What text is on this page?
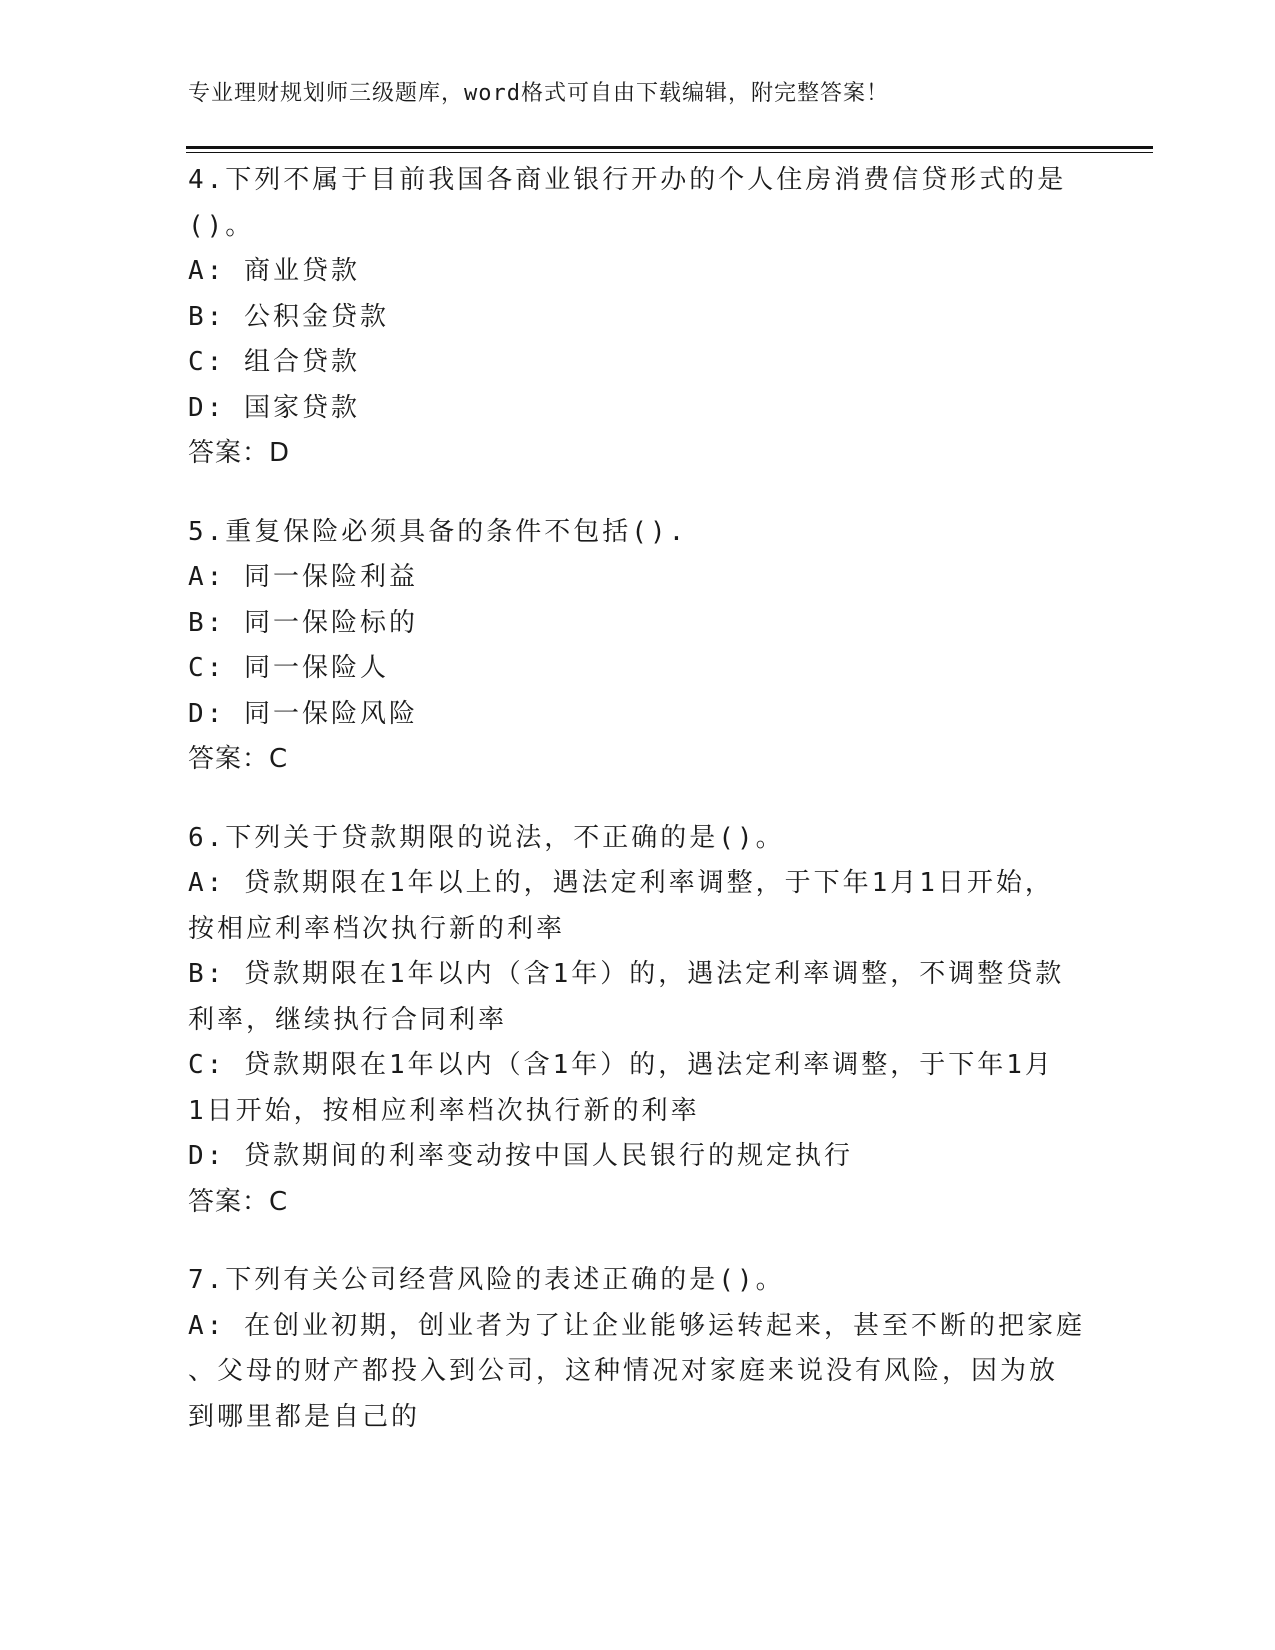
专业理财规划师三级题库，word格式可自由下载编辑，附完整答案！
4.下列不属于目前我国各商业银行开办的个人住房消费信贷形式的是
()。
A: 商业贷款
B: 公积金贷款
C: 组合贷款
D: 国家贷款
答案：D
5.重复保险必须具备的条件不包括().
A: 同一保险利益
B: 同一保险标的
C: 同一保险人
D: 同一保险风险
答案：C
6.下列关于贷款期限的说法，不正确的是()。
A: 贷款期限在1年以上的，遇法定利率调整，于下年1月1日开始，
按相应利率档次执行新的利率
B: 贷款期限在1年以内（含1年）的，遇法定利率调整，不调整贷款
利率，继续执行合同利率
C: 贷款期限在1年以内（含1年）的，遇法定利率调整，于下年1月
1日开始，按相应利率档次执行新的利率
D: 贷款期间的利率变动按中国人民银行的规定执行
答案：C
7.下列有关公司经营风险的表述正确的是()。
A: 在创业初期，创业者为了让企业能够运转起来，甚至不断的把家庭
、父母的财产都投入到公司，这种情况对家庭来说没有风险，因为放
到哪里都是自己的
